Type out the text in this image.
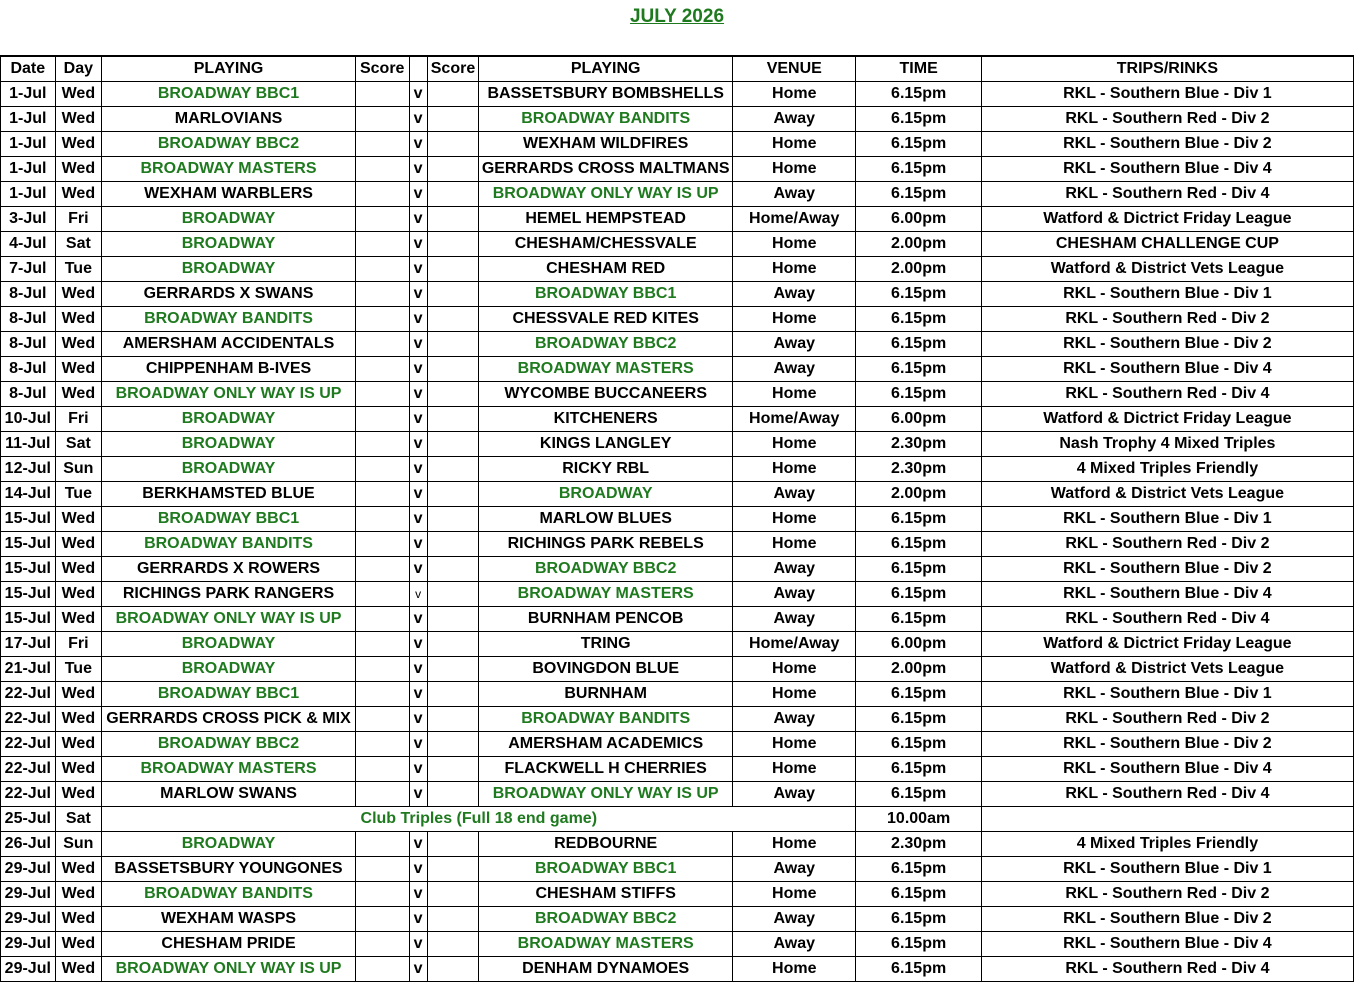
JULY 2026
Date	Day	PLAYING	Score		Score	PLAYING	VENUE	TIME	TRIPS/RINKS
1-Jul	Wed	BROADWAY BBC1		v		BASSETSBURY BOMBSHELLS	Home	6.15pm	RKL - Southern Blue - Div 1
1-Jul	Wed	MARLOVIANS		v		BROADWAY BANDITS	Away	6.15pm	RKL - Southern Red - Div 2
1-Jul	Wed	BROADWAY BBC2		v		WEXHAM WILDFIRES	Home	6.15pm	RKL - Southern Blue - Div 2
1-Jul	Wed	BROADWAY MASTERS		v		GERRARDS CROSS MALTMANS	Home	6.15pm	RKL - Southern Blue - Div 4
1-Jul	Wed	WEXHAM WARBLERS		v		BROADWAY ONLY WAY IS UP	Away	6.15pm	RKL - Southern Red - Div 4
3-Jul	Fri	BROADWAY		v		HEMEL HEMPSTEAD	Home/Away	6.00pm	Watford & Dictrict Friday League
4-Jul	Sat	BROADWAY		v		CHESHAM/CHESSVALE	Home	2.00pm	CHESHAM CHALLENGE CUP
7-Jul	Tue	BROADWAY		v		CHESHAM RED	Home	2.00pm	Watford & District Vets League
8-Jul	Wed	GERRARDS X SWANS		v		BROADWAY BBC1	Away	6.15pm	RKL - Southern Blue - Div 1
8-Jul	Wed	BROADWAY BANDITS		v		CHESSVALE RED KITES	Home	6.15pm	RKL - Southern Red - Div 2
8-Jul	Wed	AMERSHAM ACCIDENTALS		v		BROADWAY BBC2	Away	6.15pm	RKL - Southern Blue - Div 2
8-Jul	Wed	CHIPPENHAM B-IVES		v		BROADWAY MASTERS	Away	6.15pm	RKL - Southern Blue - Div 4
8-Jul	Wed	BROADWAY ONLY WAY IS UP		v		WYCOMBE BUCCANEERS	Home	6.15pm	RKL - Southern Red - Div 4
10-Jul	Fri	BROADWAY		v		KITCHENERS	Home/Away	6.00pm	Watford & Dictrict Friday League
11-Jul	Sat	BROADWAY		v		KINGS LANGLEY	Home	2.30pm	Nash Trophy 4 Mixed Triples
12-Jul	Sun	BROADWAY		v		RICKY RBL	Home	2.30pm	4 Mixed Triples Friendly
14-Jul	Tue	BERKHAMSTED BLUE		v		BROADWAY	Away	2.00pm	Watford & District Vets League
15-Jul	Wed	BROADWAY BBC1		v		MARLOW BLUES	Home	6.15pm	RKL - Southern Blue - Div 1
15-Jul	Wed	BROADWAY BANDITS		v		RICHINGS PARK REBELS	Home	6.15pm	RKL - Southern Red - Div 2
15-Jul	Wed	GERRARDS X ROWERS		v		BROADWAY BBC2	Away	6.15pm	RKL - Southern Blue - Div 2
15-Jul	Wed	RICHINGS PARK RANGERS		v		BROADWAY MASTERS	Away	6.15pm	RKL - Southern Blue - Div 4
15-Jul	Wed	BROADWAY ONLY WAY IS UP		v		BURNHAM PENCOB	Away	6.15pm	RKL - Southern Red - Div 4
17-Jul	Fri	BROADWAY		v		TRING	Home/Away	6.00pm	Watford & Dictrict Friday League
21-Jul	Tue	BROADWAY		v		BOVINGDON BLUE	Home	2.00pm	Watford & District Vets League
22-Jul	Wed	BROADWAY BBC1		v		BURNHAM	Home	6.15pm	RKL - Southern Blue - Div 1
22-Jul	Wed	GERRARDS CROSS PICK & MIX		v		BROADWAY BANDITS	Away	6.15pm	RKL - Southern Red - Div 2
22-Jul	Wed	BROADWAY BBC2		v		AMERSHAM ACADEMICS	Home	6.15pm	RKL - Southern Blue - Div 2
22-Jul	Wed	BROADWAY MASTERS		v		FLACKWELL H CHERRIES	Home	6.15pm	RKL - Southern Blue - Div 4
22-Jul	Wed	MARLOW SWANS		v		BROADWAY ONLY WAY IS UP	Away	6.15pm	RKL - Southern Red - Div 4
25-Jul	Sat	Club Triples (Full 18 end game)						10.00am	
26-Jul	Sun	BROADWAY		v		REDBOURNE	Home	2.30pm	4 Mixed Triples Friendly
29-Jul	Wed	BASSETSBURY YOUNGONES		v		BROADWAY BBC1	Away	6.15pm	RKL - Southern Blue - Div 1
29-Jul	Wed	BROADWAY BANDITS		v		CHESHAM STIFFS	Home	6.15pm	RKL - Southern Red - Div 2
29-Jul	Wed	WEXHAM WASPS		v		BROADWAY BBC2	Away	6.15pm	RKL - Southern Blue - Div 2
29-Jul	Wed	CHESHAM PRIDE		v		BROADWAY MASTERS	Away	6.15pm	RKL - Southern Blue - Div 4
29-Jul	Wed	BROADWAY ONLY WAY IS UP		v		DENHAM DYNAMOES	Home	6.15pm	RKL - Southern Red - Div 4
